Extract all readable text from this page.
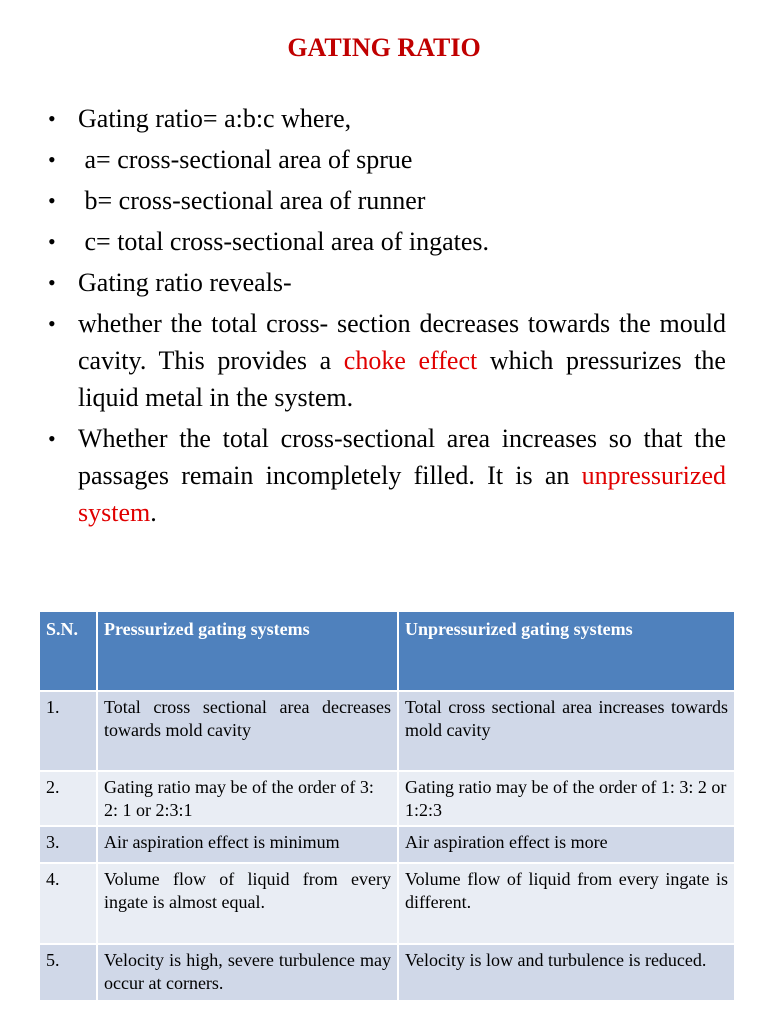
GATING RATIO
• Gating ratio= a:b:c where,
• a= cross-sectional area of sprue
• b= cross-sectional area of runner
• c= total cross-sectional area of ingates.
• Gating ratio reveals-
• whether the total cross- section decreases towards the mould cavity. This provides a choke effect which pressurizes the liquid metal in the system.
• Whether the total cross-sectional area increases so that the passages remain incompletely filled. It is an unpressurized system.
S.N.	Pressurized gating systems	Unpressurized gating systems
1.	Total cross sectional area decreases towards mold cavity	Total cross sectional area increases towards mold cavity
2.	Gating ratio may be of the order of 3: 2: 1 or 2:3:1	Gating ratio may be of the order of 1: 3: 2 or 1:2:3
3.	Air aspiration effect is minimum	Air aspiration effect is more
4.	Volume flow of liquid from every ingate is almost equal.	Volume flow of liquid from every ingate is different.
5.	Velocity is high, severe turbulence may occur at corners.	Velocity is low and turbulence is reduced.
